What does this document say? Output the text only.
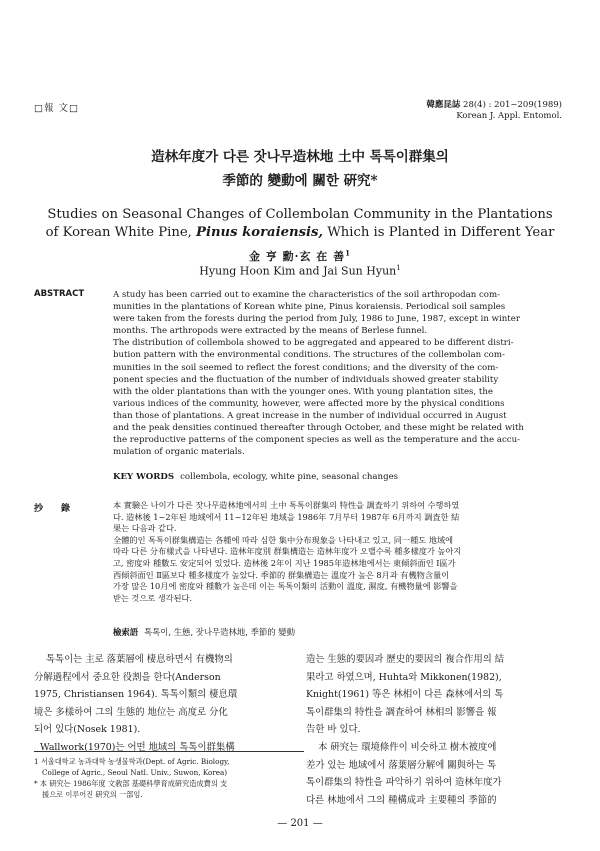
□報 文□	韓應昆誌 28(4) : 201~209(1989)
Korean J. Appl. Entomol.
造林年度가 다른 잣나무造林地 土中 톡톡이群集의
季節的 變動에 關한 硏究*
Studies on Seasonal Changes of Collembolan Community in the Plantations
of Korean White Pine, Pinus koraiensis, Which is Planted in Different Year
金 亨 勳·玄 在 善$^1$
Hyung Hoon Kim and Jai Sun Hyun$^1$
ABSTRACT	A study has been carried out to examine the characteristics of the soil arthropodan com-
munities in the plantations of Korean white pine, Pinus koraiensis. Periodical soil samples
were taken from the forests during the period from July, 1986 to June, 1987, except in winter
months. The arthropods were extracted by the means of Berlese funnel.
The distribution of collembola showed to be aggregated and appeared to be different distri-
bution pattern with the environmental conditions. The structures of the collembolan com-
munities in the soil seemed to reflect the forest conditions; and the diversity of the com-
ponent species and the fluctuation of the number of individuals showed greater stability
with the older plantations than with the younger ones. With young plantation sites, the
various indices of the community, however, were affected more by the physical conditions
than those of plantations. A great increase in the number of individual occurred in August
and the peak densities continued thereafter through October, and these might be related with
the reproductive patterns of the component species as well as the temperature and the accu-
mulation of organic materials.
KEY WORDS collembola, ecology, white pine, seasonal changes
抄　　錄	本 實驗은 나이가 다른 잣나무造林地에서의 土中 톡톡이群集의 特性을 調査하기 위하여 수행하였
다. 造林後 1~2年된 地域에서 11~12年된 地域을 1986年 7月부터 1987年 6月까지 調査한 結
果는 다음과 같다.
全體的인 톡톡이群集構造는 各種에 따라 심한 集中分布現象을 나타내고 있고, 同一種도 地域에
따라 다른 分布樣式을 나타낸다. 造林年度別 群集構造는 造林年度가 오랠수록 種多樣度가 높아지
고, 密度와 種數도 安定되어 있었다. 造林後 2年이 지난 1985年造林地에서는 東傾斜面인 Ⅰ區가
西傾斜面인 Ⅱ區보다 種多樣度가 높았다. 季節的 群集構造는 溫度가 높은 8月과 有機物含量이
가장 많은 10月에 密度와 種數가 높은데 이는 톡톡이類의 活動이 溫度, 濕度, 有機物量에 影響을
받는 것으로 생각된다.
檢索語 톡톡이, 生態, 잣나무造林地, 季節的 變動
톡톡이는 主로 落葉層에 棲息하면서 有機物의
分解過程에서 중요한 役割을 한다(Anderson
1975, Christiansen 1964). 톡톡이類의 棲息環
境은 多樣하여 그의 生態的 地位는 高度로 分化
되어 있다(Nosek 1981).
Wallwork(1970)는 어떤 地域의 톡톡이群集構
造는 生態的要因과 歷史的要因의 複合作用의 結
果라고 하였으며, Huhta와 Mikkonen(1982),
Knight(1961) 等은 林相이 다른 森林에서의 톡
톡이群集의 特性을 調査하여 林相의 影響을 報
告한 바 있다.
本 硏究는 環境條件이 비슷하고 樹木被度에
差가 있는 地域에서 落葉層分解에 關與하는 톡
톡이群集의 特性을 파악하기 위하여 造林年度가
다른 林地에서 그의 種構成과 主要種의 季節的
1 서울대학교 농과대학 농생물학과(Dept. of Agric. Biology,
College of Agric., Seoul Natl. Univ., Suwon, Korea)
* 本 硏究는 1986年度 文敎部 基礎科學育成硏究造成費의 支
援으로 이루어진 硏究의 一部임.
— 201 —
